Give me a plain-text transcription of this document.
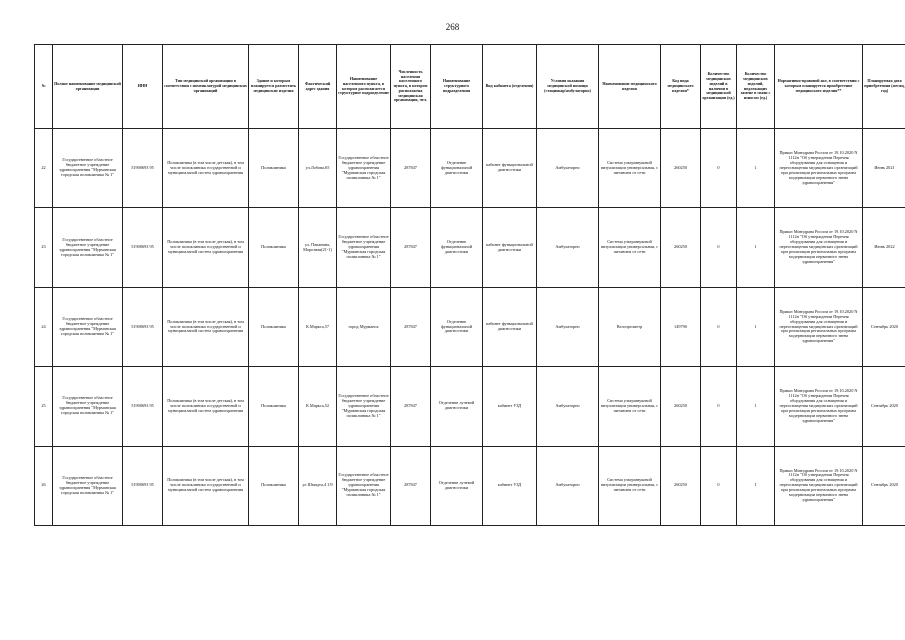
268
№	Полное наименование медицинской организации	ИНН	Тип медицинской организации в соответствии с номенклатурой медицинских организаций	Здание и которым планируется разместить медицинские изделия	Фактический адрес здания	Наименование населенного пункта, в котором располагается структурное подразделение	Численность населения населенного пункта, в котором расположена медицинская организация, чел.	Наименование структурного подразделения	Вид кабинета (отделения)	Условия оказания медицинской помощи (стационар/амбулаторно)	Наименование медицинского изделия	Код вида медицинского изделия*	Количество медицинских изделий в наличии в медицинской организации (ед.)	Количество медицинских изделий, подлежащих замене в связи с износом (ед.)	Нормативно-правовой акт, в соответствии с которым планируется приобретение медицинского изделия**	Планируемая дата приобретения (месяц, год)
22	Государственное областное бюджетное учреждение здравоохранения "Мурманская городская поликлиника № 1"	51900693 95	Поликлиника (в том числе детская), в том числе поликлиника государственной и муниципальной систем здравоохранения	Поликлиника	ул.Лобова,65	Государственное областное бюджетное учреждение здравоохранения "Мурманская городская поликлиника № 1"	287847	Отделение функциональной диагностики	кабинет функциональной диагностики	Амбулаторно	Система ультразвуковой визуализации универсальная, с питанием от сети	260250	0	1	Приказ Минздрава России от 19.10.2020 N 1112н "Об утверждении Перечня оборудования для оснащения и переоснащения медицинских организаций при реализации региональных программ модернизации первичного звена здравоохранения"	Июнь 2021
23	Государственное областное бюджетное учреждение здравоохранения "Мурманская городская поликлиника № 1"	51900693 95	Поликлиника (в том числе детская), в том числе поликлиника государственной и муниципальной систем здравоохранения	Поликлиника	ул. Папанина, Морозная(21-1)	Государственное областное бюджетное учреждение здравоохранения "Мурманская городская поликлиника № 1"	287847	Отделение функциональной диагностики	кабинет функциональной диагностики	Амбулаторно	Система ультразвуковой визуализации универсальная, с питанием от сети	260250	0	1	Приказ Минздрава России от 19.10.2020 N 1112н "Об утверждении Перечня оборудования для оснащения и переоснащения медицинских организаций при реализации региональных программ модернизации первичного звена здравоохранения"	Июнь 2022
24	Государственное областное бюджетное учреждение здравоохранения "Мурманская городская поликлиника № 1"	51900693 95	Поликлиника (в том числе детская), в том числе поликлиника государственной и муниципальной систем здравоохранения	Поликлиника	К.Маркса,57	город Мурманск	287847	Отделение функциональной диагностики	кабинет функциональной диагностики	Амбулаторно	Велоэргометр	149790	0	1	Приказ Минздрава России от 19.10.2020 N 1112н "Об утверждении Перечня оборудования для оснащения и переоснащения медицинских организаций при реализации региональных программ модернизации первичного звена здравоохранения"	Сентябрь 2020
25	Государственное областное бюджетное учреждение здравоохранения "Мурманская городская поликлиника № 1"	51900693 95	Поликлиника (в том числе детская), в том числе поликлиника государственной и муниципальной систем здравоохранения	Поликлиника	К.Маркса,52	Государственное областное бюджетное учреждение здравоохранения "Мурманская городская поликлиника № 1"	287847	Отделение лучевой диагностики	кабинет УЗД	Амбулаторно	Система ультразвуковой визуализации универсальная, с питанием от сети	260250	0	1	Приказ Минздрава России от 19.10.2020 N 1112н "Об утверждении Перечня оборудования для оснащения и переоснащения медицинских организаций при реализации региональных программ модернизации первичного звена здравоохранения"	Сентябрь 2020
26	Государственное областное бюджетное учреждение здравоохранения "Мурманская городская поликлиника № 1"	51900693 95	Поликлиника (в том числе детская), в том числе поликлиника государственной и муниципальной систем здравоохранения	Поликлиника	ул Шмидта,4 1/9	Государственное областное бюджетное учреждение здравоохранения "Мурманская городская поликлиника № 1"	287847	Отделение лучевой диагностики	кабинет УЗД	Амбулаторно	Система ультразвуковой визуализации универсальная, с питанием от сети	260250	0	1	Приказ Минздрава России от 19.10.2020 N 1112н "Об утверждении Перечня оборудования для оснащения и переоснащения медицинских организаций при реализации региональных программ модернизации первичного звена здравоохранения"	Сентябрь 2020
